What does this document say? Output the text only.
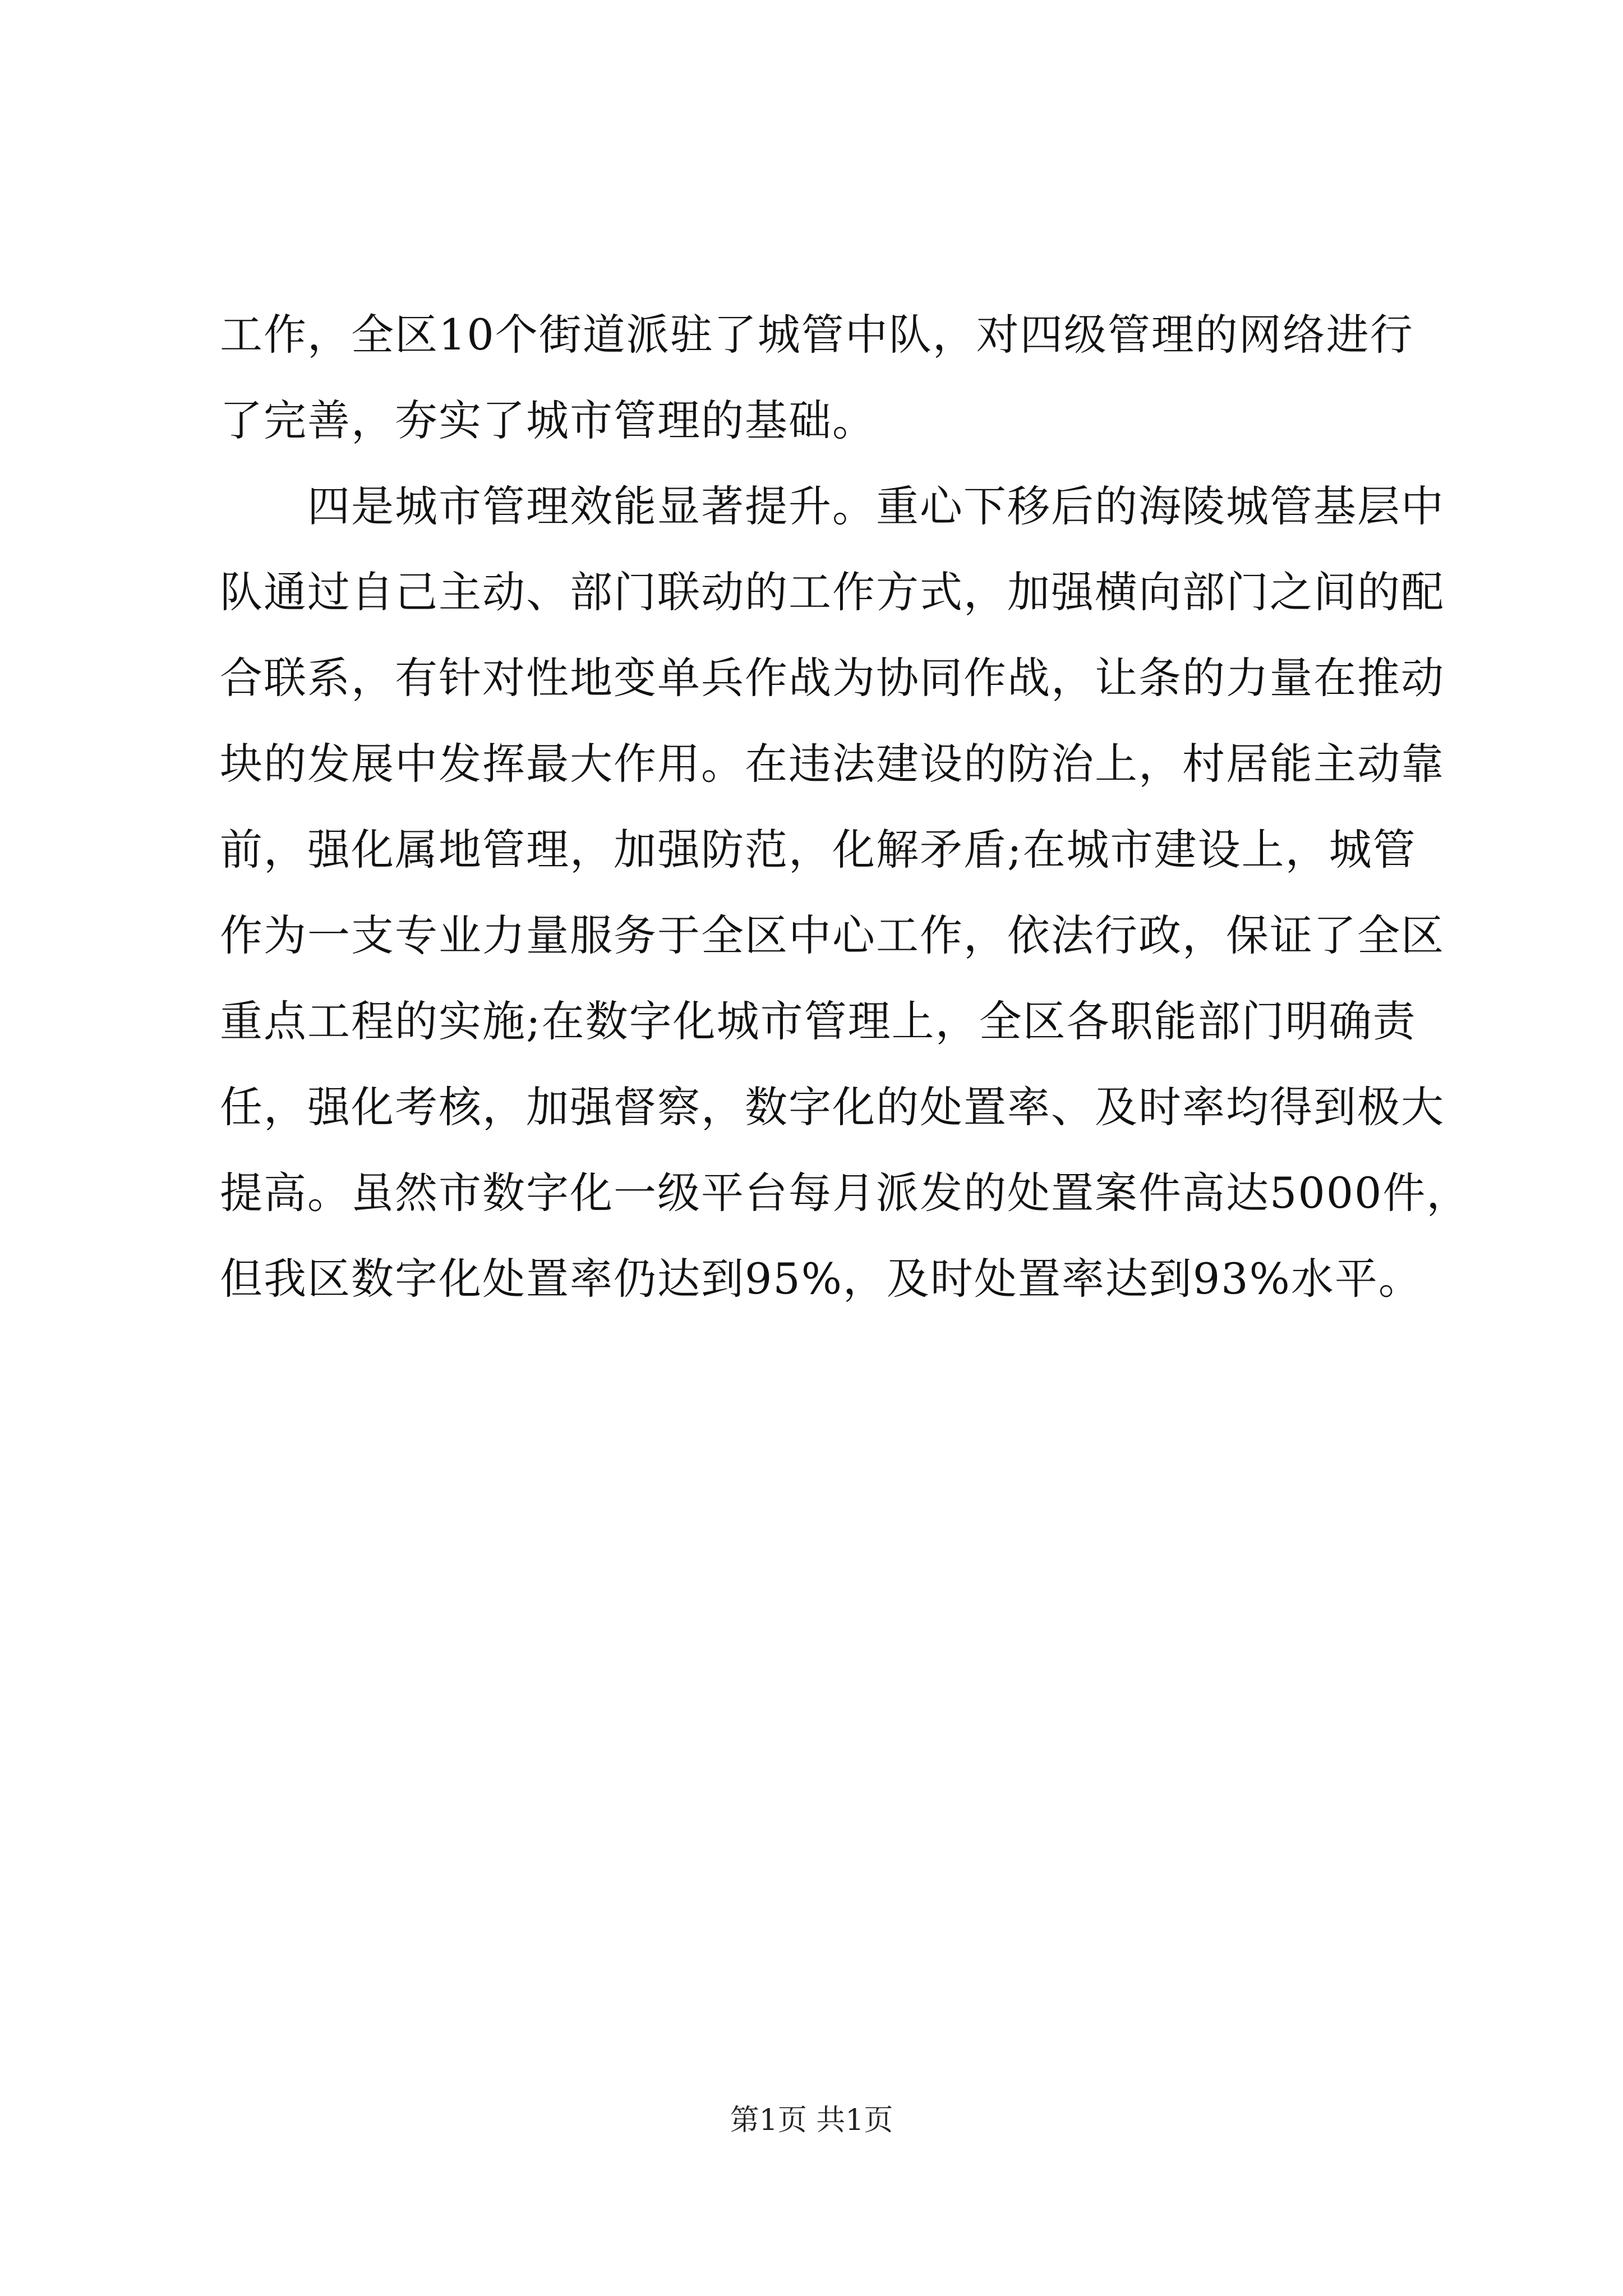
工作，全区10个街道派驻了城管中队，对四级管理的网络进行
了完善，夯实了城市管理的基础。
　　四是城市管理效能显著提升。重心下移后的海陵城管基层中
队通过自己主动、部门联动的工作方式，加强横向部门之间的配
合联系，有针对性地变单兵作战为协同作战，让条的力量在推动
块的发展中发挥最大作用。在违法建设的防治上，村居能主动靠
前，强化属地管理，加强防范，化解矛盾;在城市建设上，城管
作为一支专业力量服务于全区中心工作，依法行政，保证了全区
重点工程的实施;在数字化城市管理上，全区各职能部门明确责
任，强化考核，加强督察，数字化的处置率、及时率均得到极大
提高。虽然市数字化一级平台每月派发的处置案件高达5000件，
但我区数字化处置率仍达到95%，及时处置率达到93%水平。
第1页 共1页
